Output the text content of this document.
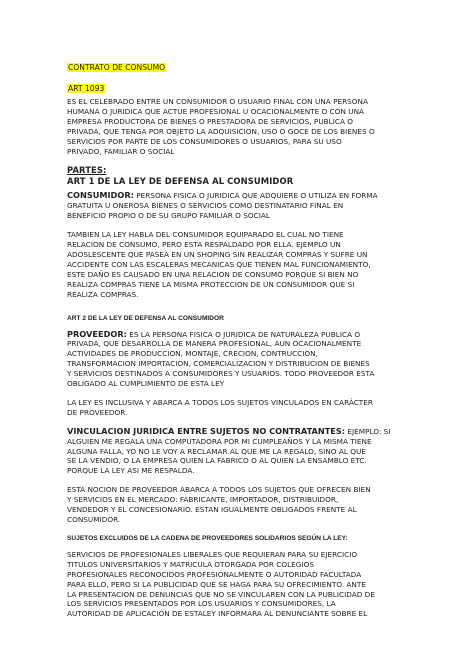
CONTRATO DE CONSUMO
ART 1093
ES EL CELEBRADO ENTRE UN CONSUMIDOR O USUARIO FINAL CON UNA PERSONA
HUMANA O JURIDICA QUE ACTUE PROFESIONAL U OCACIONALMENTE O CON UNA
EMPRESA PRODUCTORA DE BIENES O PRESTADORA DE SERVICIOS, PUBLICA O
PRIVADA, QUE TENGA POR OBJETO LA ADQUISICION, USO O GOCE DE LOS BIENES O
SERVICIOS POR PARTE DE LOS CONSUMIDORES O USUARIOS, PARA SU USO
PRIVADO, FAMILIAR O SOCIAL
PARTES:
ART 1 DE LA LEY DE DEFENSA AL CONSUMIDOR
CONSUMIDOR: PERSONA FISICA O JURIDICA QUE ADQUIERE O UTILIZA EN FORMA
GRATUITA U ONEROSA BIENES O SERVICIOS COMO DESTINATARIO FINAL EN
BENEFICIO PROPIO O DE SU GRUPO FAMILIAR O SOCIAL
TAMBIEN LA LEY HABLA DEL CONSUMIDOR EQUIPARADO EL CUAL NO TIENE
RELACION DE CONSUMO, PERO ESTA RESPALDADO POR ELLA. EJEMPLO UN
ADOSLESCENTE QUE PASEA EN UN SHOPING SIN REALIZAR COMPRAS Y SUFRE UN
ACCIDENTE CON LAS ESCALERAS MECANICAS QUE TIENEN MAL FUNCIONAMIENTO,
ESTE DAÑO ES CAUSADO EN UNA RELACION DE CONSUMO PORQUE SI BIEN NO
REALIZA COMPRAS TIENE LA MISMA PROTECCION DE UN CONSUMIDOR QUE SI
REALIZA COMPRAS.
ART 2 DE LA LEY DE DEFENSA AL CONSUMIDOR
PROVEEDOR: ES LA PERSONA FISICA O JURIDICA DE NATURALEZA PUBLICA O
PRIVADA, QUE DESARROLLA DE MANERA PROFESIONAL, AUN OCACIONALMENTE
ACTIVIDADES DE PRODUCCION, MONTAJE, CRECION, CONTRUCCION,
TRANSFORMACION IMPORTACION, COMERCIALIZACION Y DISTRIBUCION DE BIENES
Y SERVICIOS DESTINADOS A CONSUMIDORES Y USUARIOS. TODO PROVEEDOR ESTA
OBLIGADO AL CUMPLIMIENTO DE ESTA LEY
LA LEY ES INCLUSIVA Y ABARCA A TODOS LOS SUJETOS VINCULADOS EN CARÁCTER
DE PROVEEDOR.
VINCULACION JURIDICA ENTRE SUJETOS NO CONTRATANTES: EJEMPLO: SI
ALGUIEN ME REGALA UNA COMPUTADORA POR MI CUMPLEAÑOS Y LA MISMA TIENE
ALGUNA FALLA, YO NO LE VOY A RECLAMAR AL QUE ME LA REGALO, SINO AL QUE
SE LA VENDIO, O LA EMPRESA QUIEN LA FABRICO O AL QUIEN LA ENSAMBLO ETC.
PORQUE LA LEY ASI ME RESPALDA.
ESTA NOCION DE PROVEEDOR ABARCA A TODOS LOS SUJETOS QUE OFRECEN BIEN
Y SERVICIOS EN EL MERCADO: FABRICANTE, IMPORTADOR, DISTRIBUIDOR,
VENDEDOR Y EL CONCESIONARIO. ESTAN IGUALMENTE OBLIGADOS FRENTE AL
CONSUMIDOR.
SUJETOS EXCLUIDOS DE LA CADENA DE PROVEEDORES SOLIDARIOS SEGÚN LA LEY:
SERVICIOS DE PROFESIONALES LIBERALES QUE REQUIERAN PARA SU EJERCICIO
TITULOS UNIVERSITARIOS Y MATRICULA OTORGADA POR COLEGIOS
PROFESIONALES RECONOCIDOS PROFESIONALMENTE O AUTORIDAD FACULTADA
PARA ELLO, PERO SI LA PUBLICIDAD QUE SE HAGA PARA SU OFRECIMIENTO. ANTE
LA PRESENTACION DE DENUNCIAS QUE NO SE VINCULAREN CON LA PUBLICIDAD DE
LOS SERVICIOS PRESENTADOS POR LOS USUARIOS Y CONSUMIDORES, LA
AUTORIDAD DE APLICACIÓN DE ESTALEY INFORMARA AL DENUNCIANTE SOBRE EL
